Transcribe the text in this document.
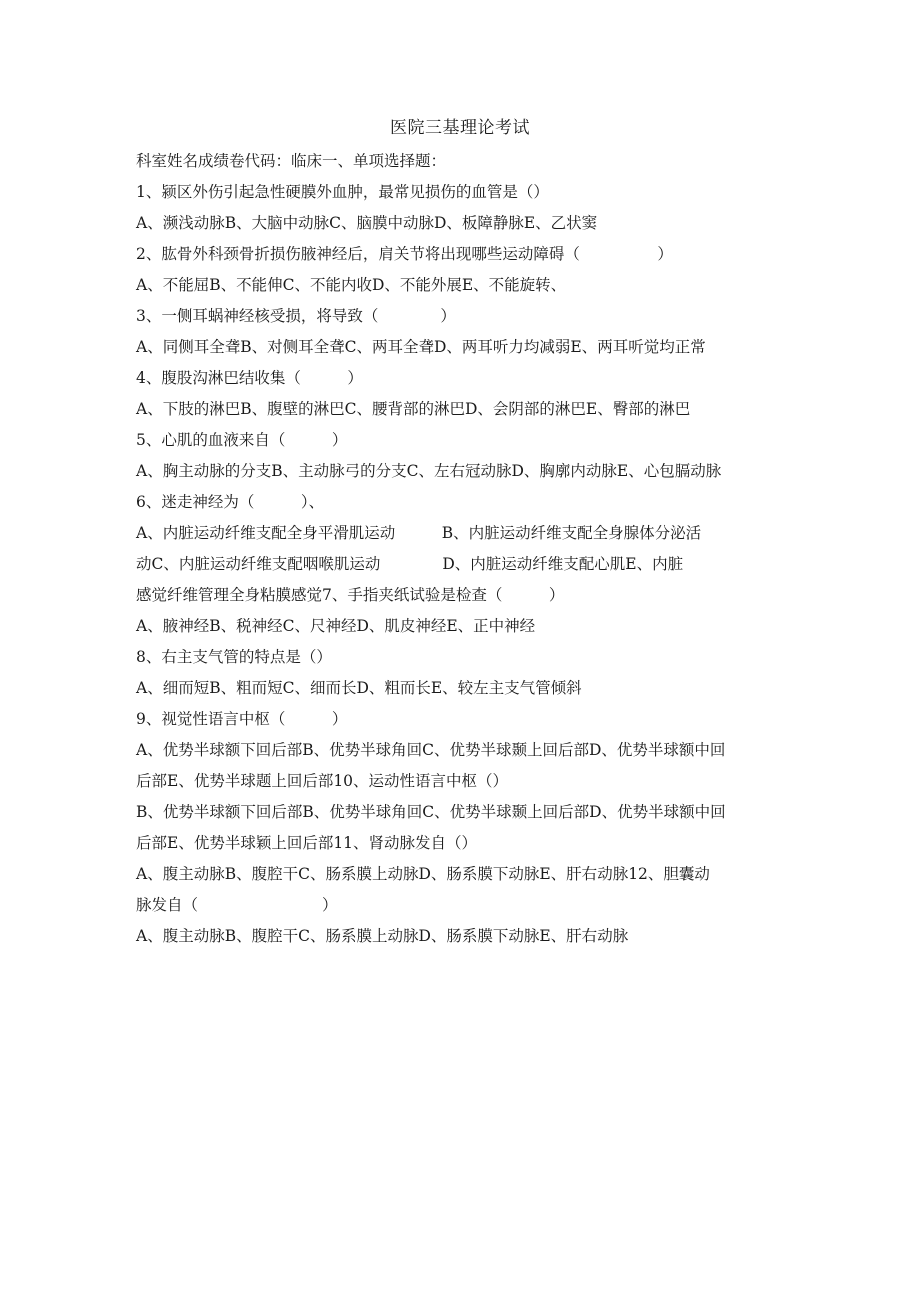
医院三基理论考试
科室姓名成绩卷代码：临床一、单项选择题：
1、颍区外伤引起急性硬膜外血肿，最常见损伤的血管是（）
A、濒浅动脉B、大脑中动脉C、脑膜中动脉D、板障静脉E、乙状窦
2、肱骨外科颈骨折损伤腋神经后，肩关节将出现哪些运动障碍（　　　　　）
A、不能屈B、不能伸C、不能内收D、不能外展E、不能旋转、
3、一侧耳蜗神经核受损，将导致（　　　　）
A、同侧耳全聋B、对侧耳全聋C、两耳全聋D、两耳听力均减弱E、两耳听觉均正常
4、腹股沟淋巴结收集（　　　）
A、下肢的淋巴B、腹壁的淋巴C、腰背部的淋巴D、会阴部的淋巴E、臀部的淋巴
5、心肌的血液来自（　　　）
A、胸主动脉的分支B、主动脉弓的分支C、左右冠动脉D、胸廓内动脉E、心包膈动脉
6、迷走神经为（　　　）、
A、内脏运动纤维支配全身平滑肌运动　　　B、内脏运动纤维支配全身腺体分泌活
动C、内脏运动纤维支配咽喉肌运动　　　　D、内脏运动纤维支配心肌E、内脏
感觉纤维管理全身粘膜感觉7、手指夹纸试验是检查（　　　）
A、腋神经B、税神经C、尺神经D、肌皮神经E、正中神经
8、右主支气管的特点是（）
A、细而短B、粗而短C、细而长D、粗而长E、较左主支气管倾斜
9、视觉性语言中枢（　　　）
A、优势半球额下回后部B、优势半球角回C、优势半球颞上回后部D、优势半球额中回
后部E、优势半球题上回后部10、运动性语言中枢（）
B、优势半球额下回后部B、优势半球角回C、优势半球颞上回后部D、优势半球额中回
后部E、优势半球颖上回后部11、肾动脉发自（）
A、腹主动脉B、腹腔干C、肠系膜上动脉D、肠系膜下动脉E、肝右动脉12、胆囊动
脉发自（　　　　　　　　）
A、腹主动脉B、腹腔干C、肠系膜上动脉D、肠系膜下动脉E、肝右动脉
